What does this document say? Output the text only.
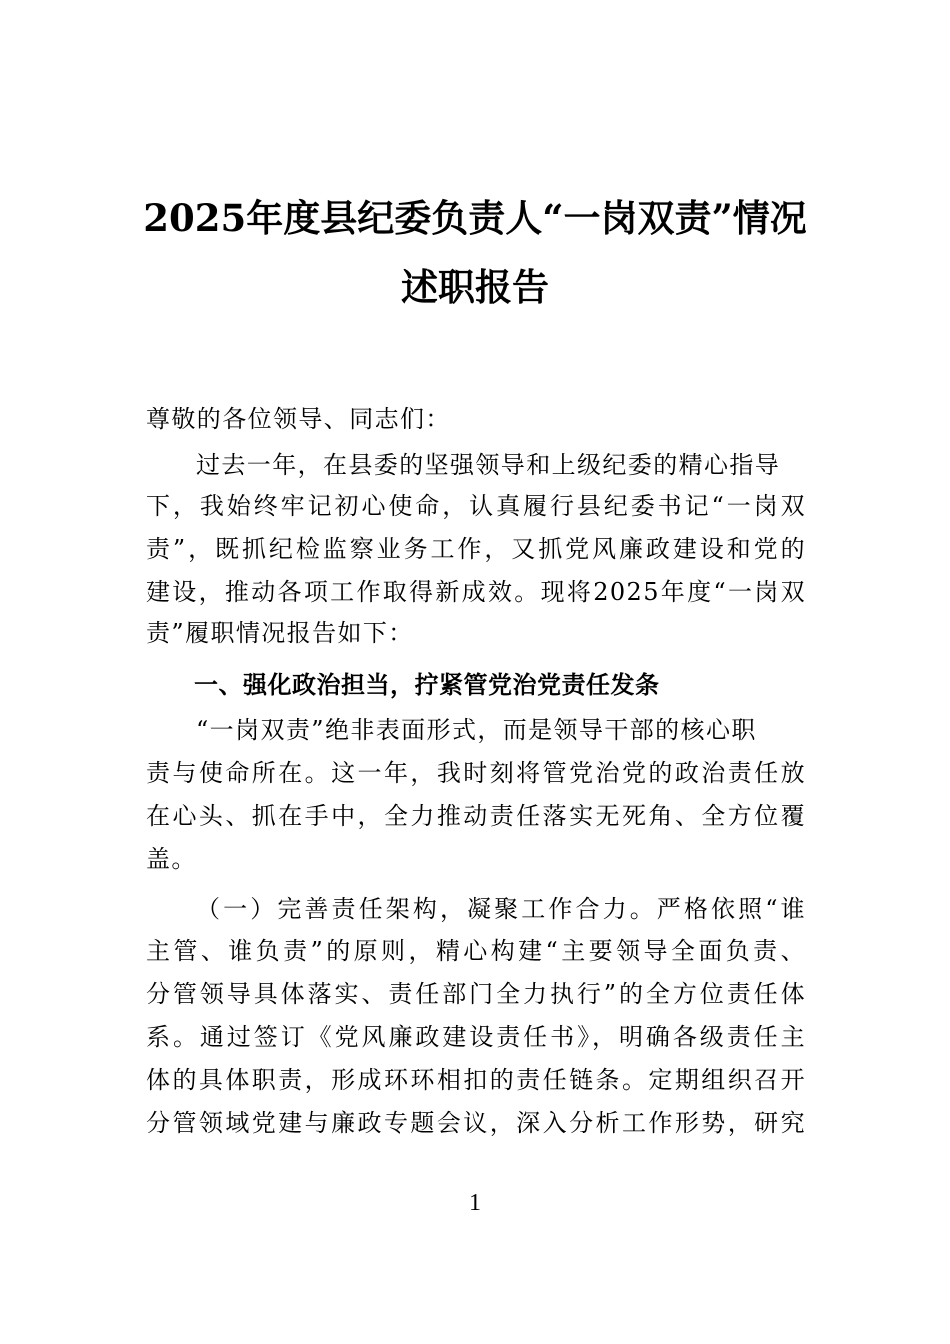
2025年度县纪委负责人“一岗双责”情况
述职报告
尊敬的各位领导、同志们：
过去一年，在县委的坚强领导和上级纪委的精心指导
下，我始终牢记初心使命，认真履行县纪委书记“一岗双
责”，既抓纪检监察业务工作，又抓党风廉政建设和党的
建设，推动各项工作取得新成效。现将2025年度“一岗双
责”履职情况报告如下：
一、强化政治担当，拧紧管党治党责任发条
“一岗双责”绝非表面形式，而是领导干部的核心职
责与使命所在。这一年，我时刻将管党治党的政治责任放
在心头、抓在手中，全力推动责任落实无死角、全方位覆
盖。
（一）完善责任架构，凝聚工作合力。严格依照“谁
主管、谁负责”的原则，精心构建“主要领导全面负责、
分管领导具体落实、责任部门全力执行”的全方位责任体
系。通过签订《党风廉政建设责任书》，明确各级责任主
体的具体职责，形成环环相扣的责任链条。定期组织召开
分管领域党建与廉政专题会议，深入分析工作形势，研究
1
